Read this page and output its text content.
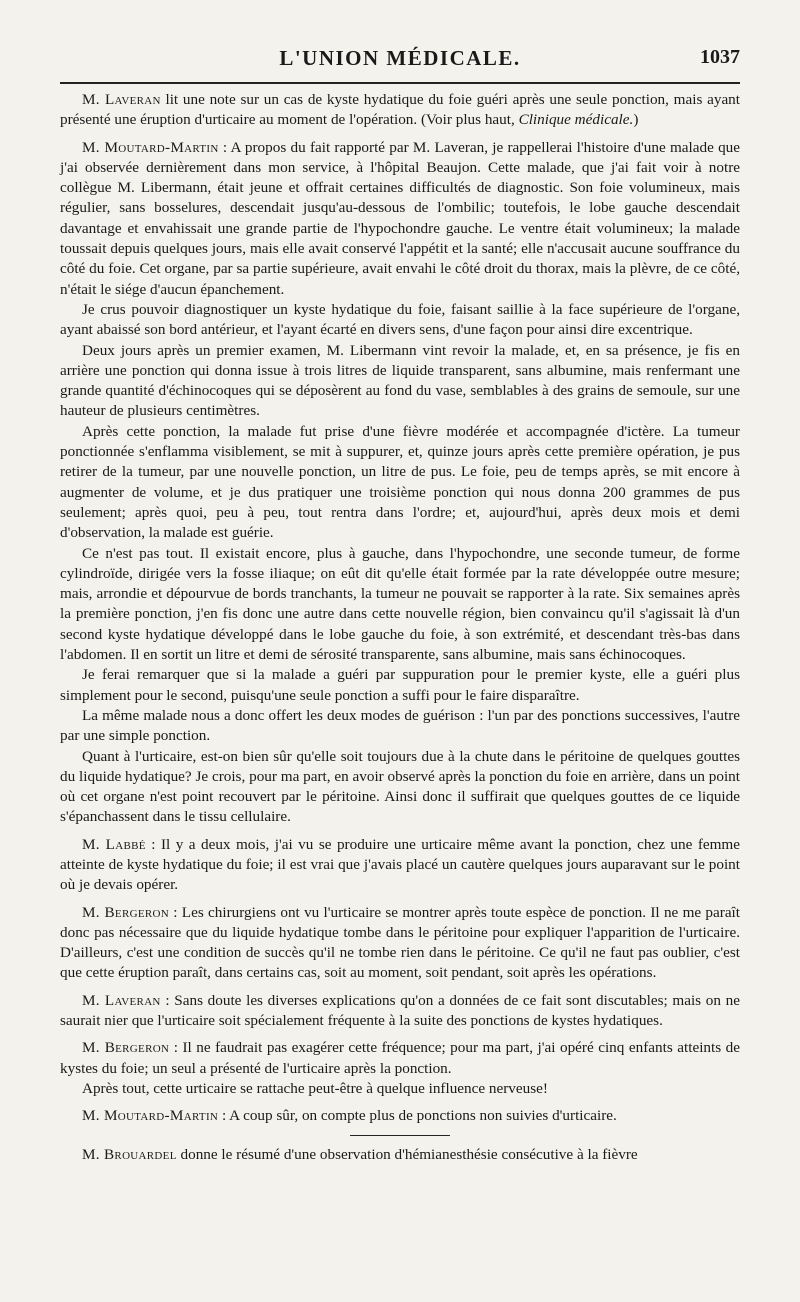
L'UNION MÉDICALE.	1037

M. Laveran lit une note sur un cas de kyste hydatique du foie guéri après une seule ponction, mais ayant présenté une éruption d'urticaire au moment de l'opération. (Voir plus haut, Clinique médicale.)

M. Moutard-Martin : A propos du fait rapporté par M. Laveran, je rappellerai l'histoire d'une malade que j'ai observée dernièrement dans mon service, à l'hôpital Beaujon. Cette malade, que j'ai fait voir à notre collègue M. Libermann, était jeune et offrait certaines difficultés de diagnostic. Son foie volumineux, mais régulier, sans bosselures, descendait jusqu'au-dessous de l'ombilic; toutefois, le lobe gauche descendait davantage et envahissait une grande partie de l'hypochondre gauche. Le ventre était volumineux; la malade toussait depuis quelques jours, mais elle avait conservé l'appétit et la santé; elle n'accusait aucune souffrance du côté du foie. Cet organe, par sa partie supérieure, avait envahi le côté droit du thorax, mais la plèvre, de ce côté, n'était le siége d'aucun épanchement.

Je crus pouvoir diagnostiquer un kyste hydatique du foie, faisant saillie à la face supérieure de l'organe, ayant abaissé son bord antérieur, et l'ayant écarté en divers sens, d'une façon pour ainsi dire excentrique.

Deux jours après un premier examen, M. Libermann vint revoir la malade, et, en sa présence, je fis en arrière une ponction qui donna issue à trois litres de liquide transparent, sans albumine, mais renfermant une grande quantité d'échinocoques qui se déposèrent au fond du vase, semblables à des grains de semoule, sur une hauteur de plusieurs centimètres.

Après cette ponction, la malade fut prise d'une fièvre modérée et accompagnée d'ictère. La tumeur ponctionnée s'enflamma visiblement, se mit à suppurer, et, quinze jours après cette première opération, je pus retirer de la tumeur, par une nouvelle ponction, un litre de pus. Le foie, peu de temps après, se mit encore à augmenter de volume, et je dus pratiquer une troisième ponction qui nous donna 200 grammes de pus seulement; après quoi, peu à peu, tout rentra dans l'ordre; et, aujourd'hui, après deux mois et demi d'observation, la malade est guérie.

Ce n'est pas tout. Il existait encore, plus à gauche, dans l'hypochondre, une seconde tumeur, de forme cylindroïde, dirigée vers la fosse iliaque; on eût dit qu'elle était formée par la rate développée outre mesure; mais, arrondie et dépourvue de bords tranchants, la tumeur ne pouvait se rapporter à la rate. Six semaines après la première ponction, j'en fis donc une autre dans cette nouvelle région, bien convaincu qu'il s'agissait là d'un second kyste hydatique développé dans le lobe gauche du foie, à son extrémité, et descendant très-bas dans l'abdomen. Il en sortit un litre et demi de sérosité transparente, sans albumine, mais sans échinocoques.

Je ferai remarquer que si la malade a guéri par suppuration pour le premier kyste, elle a guéri plus simplement pour le second, puisqu'une seule ponction a suffi pour le faire disparaître.

La même malade nous a donc offert les deux modes de guérison : l'un par des ponctions successives, l'autre par une simple ponction.

Quant à l'urticaire, est-on bien sûr qu'elle soit toujours due à la chute dans le péritoine de quelques gouttes du liquide hydatique? Je crois, pour ma part, en avoir observé après la ponction du foie en arrière, dans un point où cet organe n'est point recouvert par le péritoine. Ainsi donc il suffirait que quelques gouttes de ce liquide s'épanchassent dans le tissu cellulaire.

M. Labbé : Il y a deux mois, j'ai vu se produire une urticaire même avant la ponction, chez une femme atteinte de kyste hydatique du foie; il est vrai que j'avais placé un cautère quelques jours auparavant sur le point où je devais opérer.

M. Bergeron : Les chirurgiens ont vu l'urticaire se montrer après toute espèce de ponction. Il ne me paraît donc pas nécessaire que du liquide hydatique tombe dans le péritoine pour expliquer l'apparition de l'urticaire. D'ailleurs, c'est une condition de succès qu'il ne tombe rien dans le péritoine. Ce qu'il ne faut pas oublier, c'est que cette éruption paraît, dans certains cas, soit au moment, soit pendant, soit après les opérations.

M. Laveran : Sans doute les diverses explications qu'on a données de ce fait sont discutables; mais on ne saurait nier que l'urticaire soit spécialement fréquente à la suite des ponctions de kystes hydatiques.

M. Bergeron : Il ne faudrait pas exagérer cette fréquence; pour ma part, j'ai opéré cinq enfants atteints de kystes du foie; un seul a présenté de l'urticaire après la ponction.

Après tout, cette urticaire se rattache peut-être à quelque influence nerveuse!

M. Moutard-Martin : A coup sûr, on compte plus de ponctions non suivies d'urticaire.

M. Brouardel donne le résumé d'une observation d'hémianesthésie consécutive à la fièvre
